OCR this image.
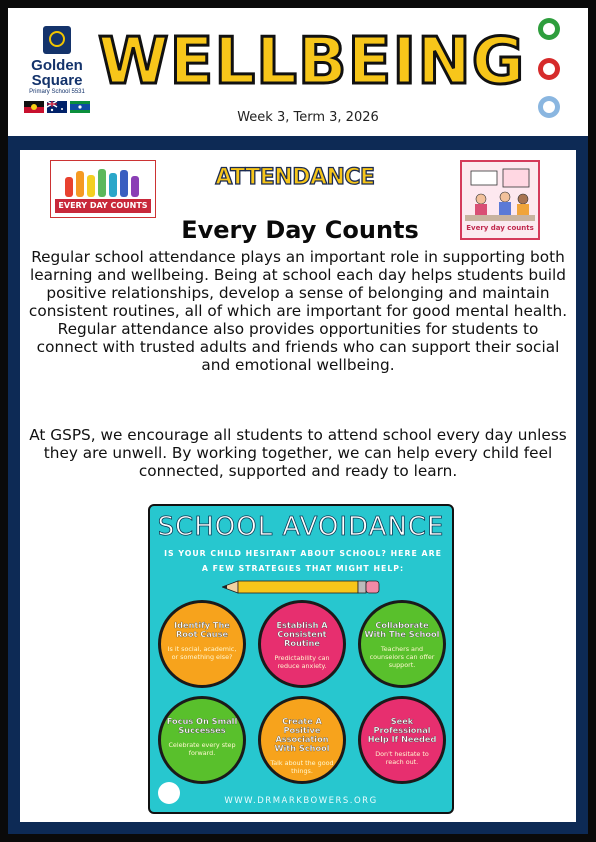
Golden Square
Primary School 5531 WELLBEING
Week 3, Term 3, 2026
EVERY DAY COUNTS
ATTENDANCE
Every day counts
Every Day Counts
Regular school attendance plays an important role in supporting both learning and wellbeing. Being at school each day helps students build positive relationships, develop a sense of belonging and maintain consistent routines, all of which are important for good mental health. Regular attendance also provides opportunities for students to connect with trusted adults and friends who can support their social and emotional wellbeing.
At GSPS, we encourage all students to attend school every day unless they are unwell. By working together, we can help every child feel connected, supported and ready to learn.
SCHOOL AVOIDANCE
IS YOUR CHILD HESITANT ABOUT SCHOOL? HERE ARE A FEW STRATEGIES THAT MIGHT HELP:
Identify The Root Cause
Is it social, academic, or something else?
Establish A Consistent Routine
Predictability can reduce anxiety.
Collaborate With The School
Teachers and counselors can offer support.
Focus On Small Successes
Celebrate every step forward.
Create A Positive Association With School
Talk about the good things.
Seek Professional Help If Needed
Don't hesitate to reach out.
WWW.DRMARKBOWERS.ORG
